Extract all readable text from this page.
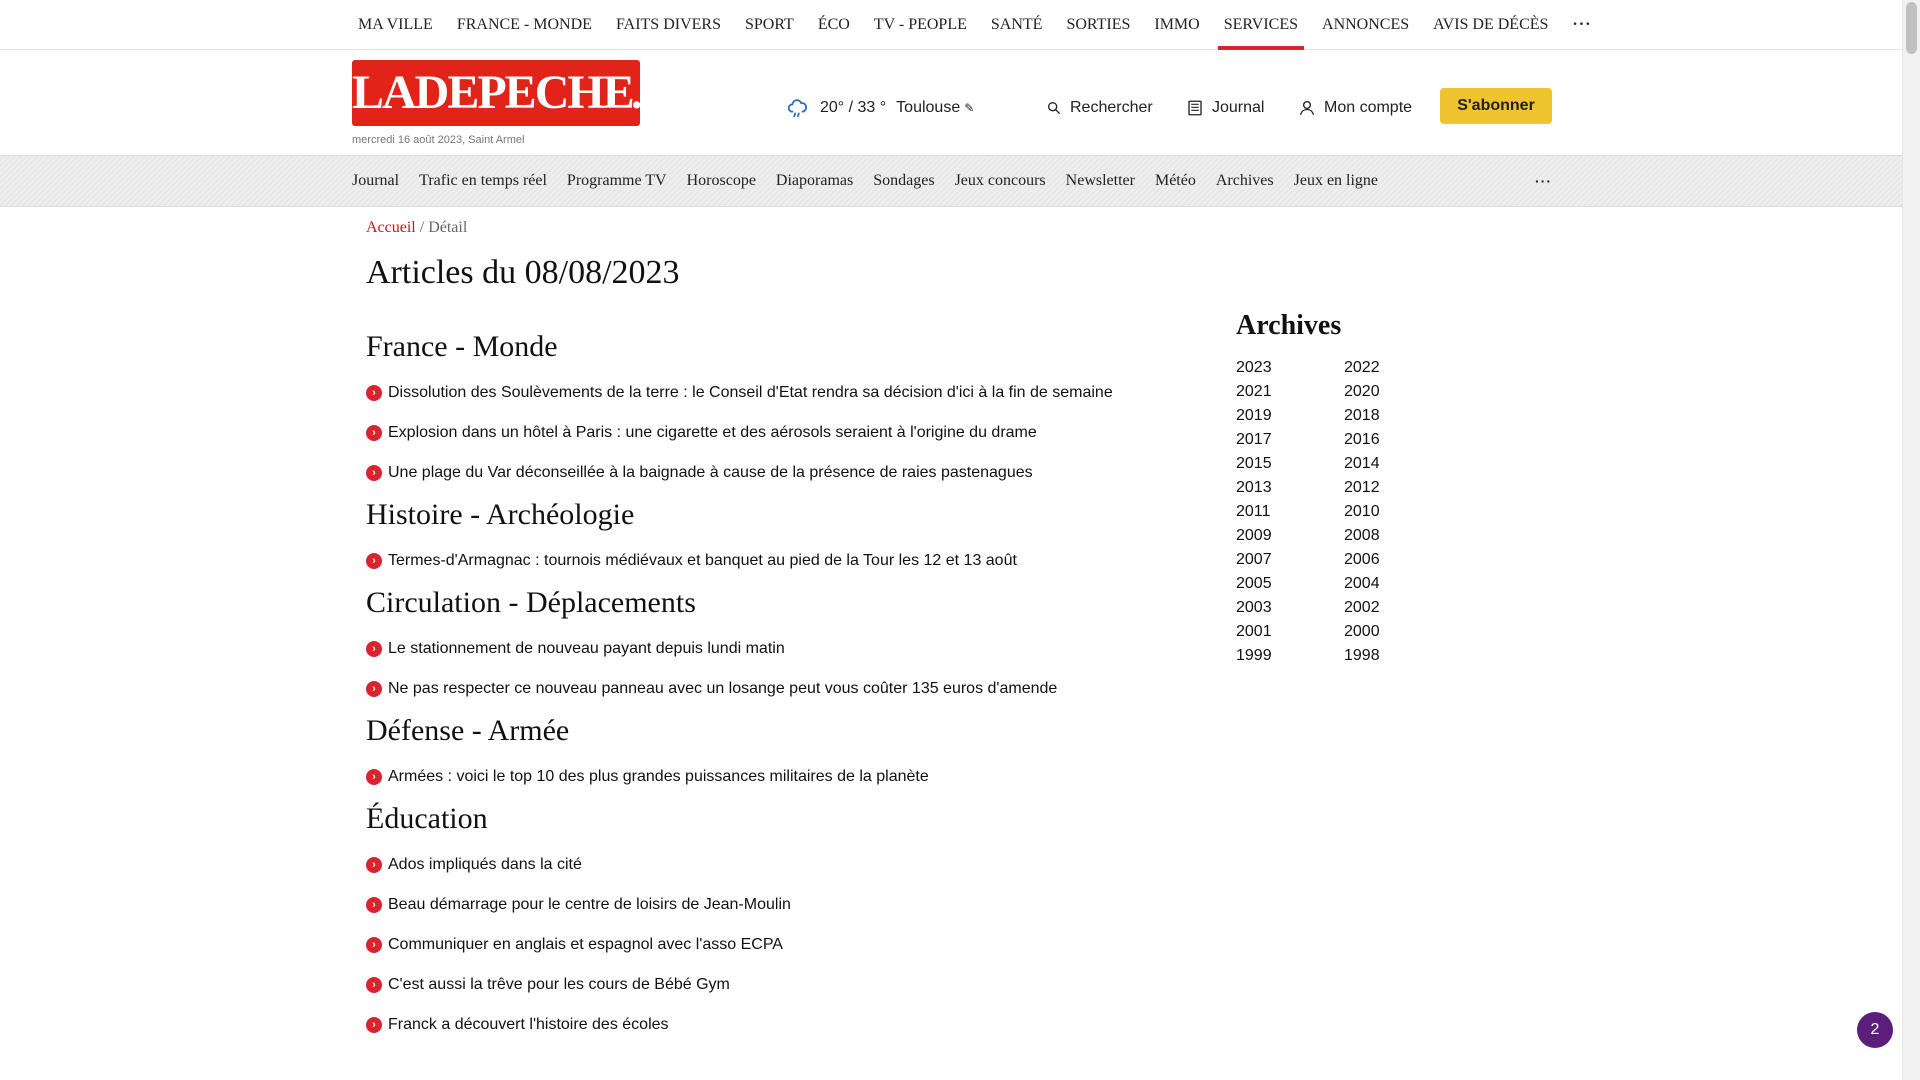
MA VILLE	FRANCE - MONDE	FAITS DIVERS	SPORT	ÉCO	TV - PEOPLE	SANTÉ	SORTIES	IMMO	SERVICES	ANNONCES	AVIS DE DÉCÈS	···
LADEPECHE.fr
mercredi 16 août 2023, Saint Armel
20° / 33 ° Toulouse ✎	Rechercher	Journal	Mon compte	S'abonner
Journal Trafic en temps réel Programme TV Horoscope Diaporamas Sondages Jeux concours Newsletter Météo Archives Jeux en ligne	···
Accueil / Détail
Articles du 08/08/2023
France - Monde
› Dissolution des Soulèvements de la terre : le Conseil d'Etat rendra sa décision d'ici à la fin de semaine
› Explosion dans un hôtel à Paris : une cigarette et des aérosols seraient à l'origine du drame
› Une plage du Var déconseillée à la baignade à cause de la présence de raies pastenagues
Histoire - Archéologie
› Termes-d'Armagnac : tournois médiévaux et banquet au pied de la Tour les 12 et 13 août
Circulation - Déplacements
› Le stationnement de nouveau payant depuis lundi matin
› Ne pas respecter ce nouveau panneau avec un losange peut vous coûter 135 euros d'amende
Défense - Armée
› Armées : voici le top 10 des plus grandes puissances militaires de la planète
Éducation
› Ados impliqués dans la cité
› Beau démarrage pour le centre de loisirs de Jean-Moulin
› Communiquer en anglais et espagnol avec l'asso ECPA
› C'est aussi la trêve pour les cours de Bébé Gym
› Franck a découvert l'histoire des écoles
Archives
2023	2022
2021	2020
2019	2018
2017	2016
2015	2014
2013	2012
2011	2010
2009	2008
2007	2006
2005	2004
2003	2002
2001	2000
1999	1998
2
